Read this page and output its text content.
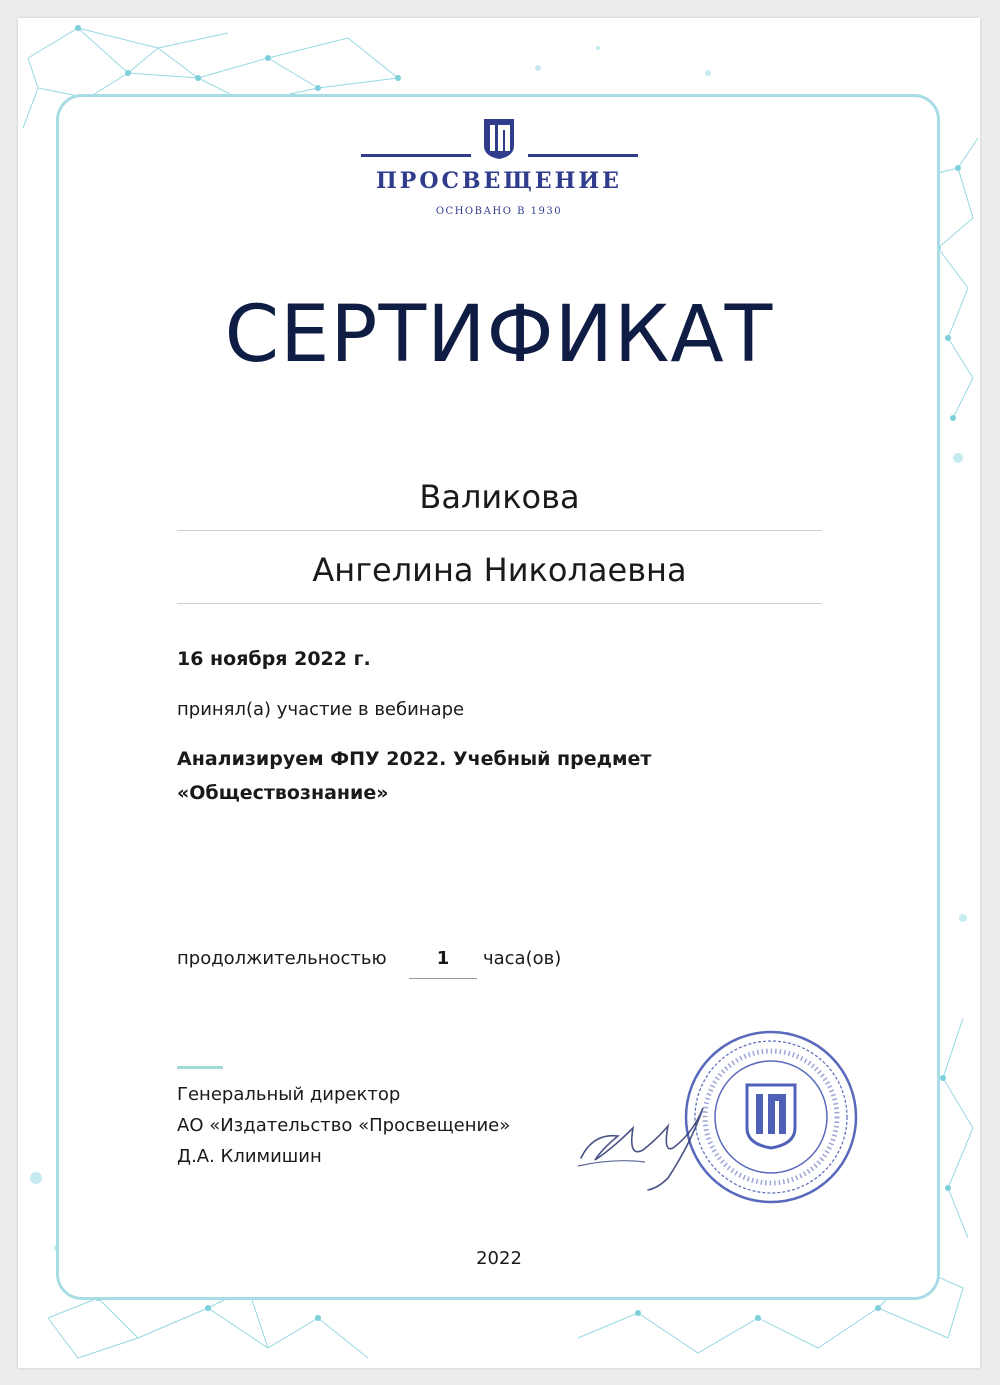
ПРОСВЕЩЕНИЕ
ОСНОВАНО В 1930
СЕРТИФИКАТ
Валикова
Ангелина Николаевна
16 ноября 2022 г.
принял(а) участие в вебинаре
Анализируем ФПУ 2022. Учебный предмет
«Обществознание»
продолжительностью	1	часа(ов)
Генеральный директор
АО «Издательство «Просвещение»
Д.А. Климишин
2022
